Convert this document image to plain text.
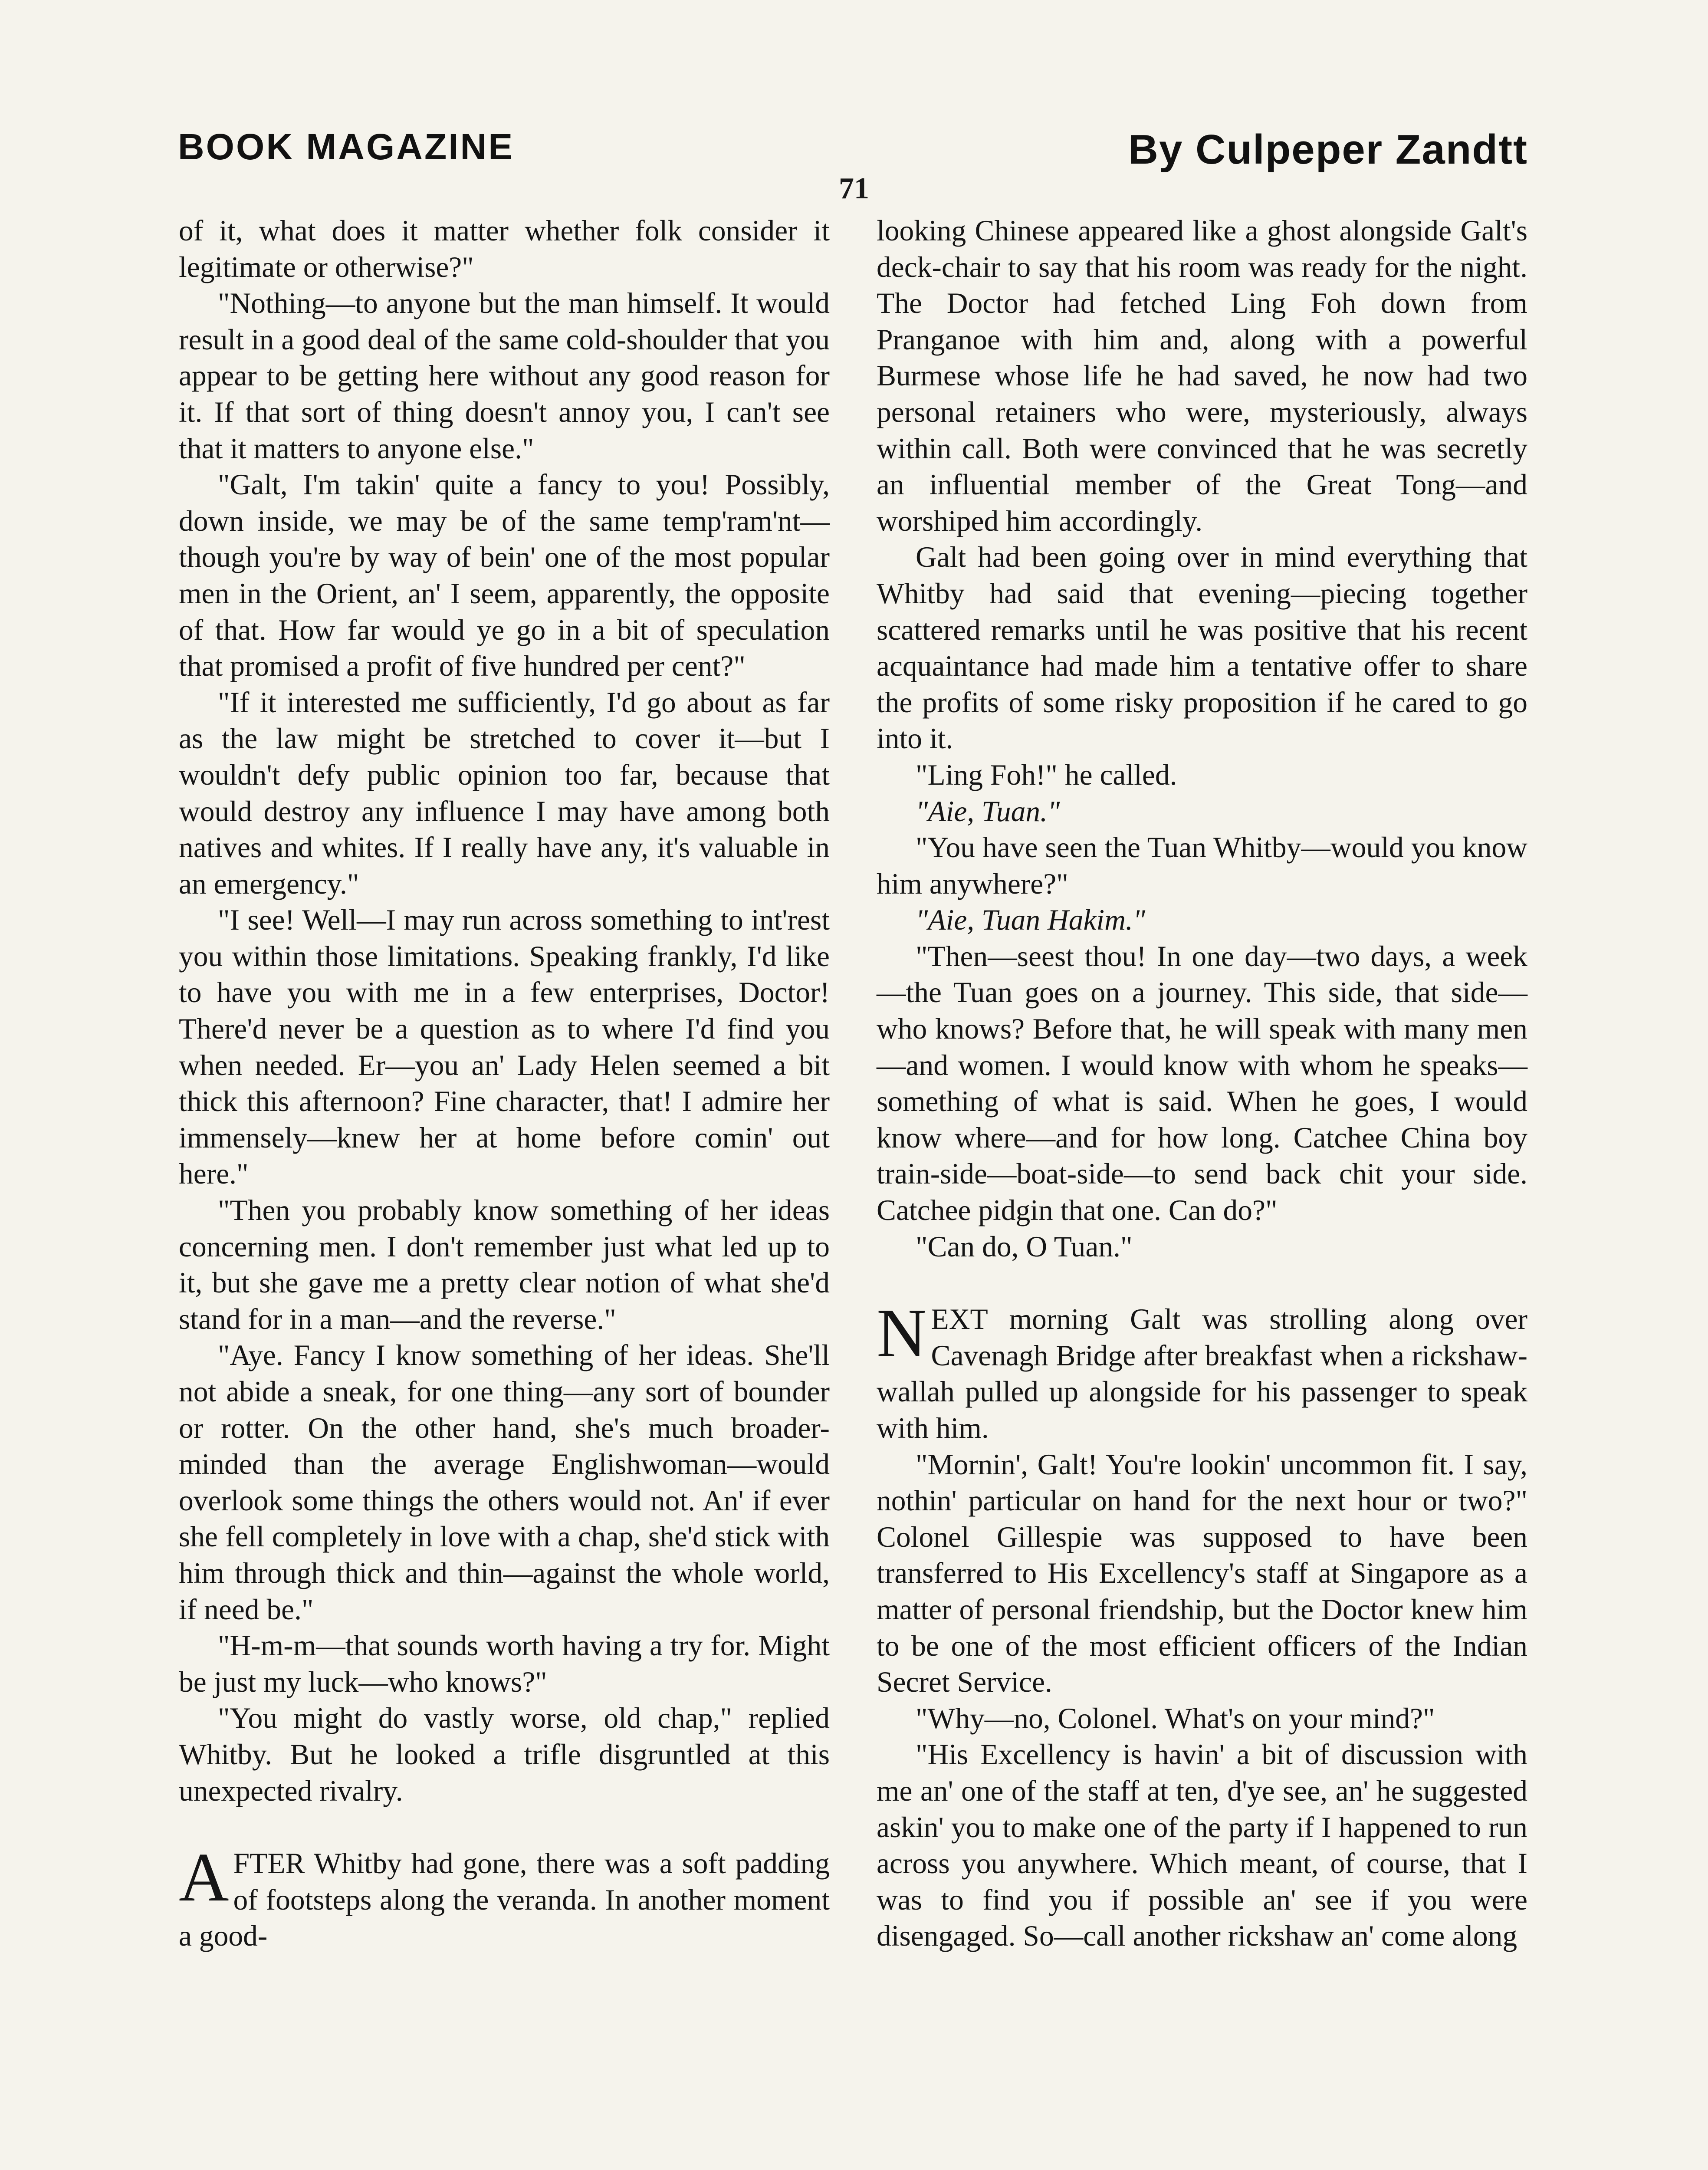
BOOK MAGAZINE	By Culpeper Zandtt
71

of it, what does it matter whether folk consider it legitimate or otherwise?"

"Nothing—to anyone but the man himself. It would result in a good deal of the same cold-shoulder that you appear to be getting here without any good reason for it. If that sort of thing doesn't annoy you, I can't see that it matters to anyone else."

"Galt, I'm takin' quite a fancy to you! Possibly, down inside, we may be of the same temp'ram'nt—though you're by way of bein' one of the most popular men in the Orient, an' I seem, apparently, the opposite of that. How far would ye go in a bit of speculation that promised a profit of five hundred per cent?"

"If it interested me sufficiently, I'd go about as far as the law might be stretched to cover it—but I wouldn't defy public opinion too far, because that would destroy any influence I may have among both natives and whites. If I really have any, it's valuable in an emergency."

"I see! Well—I may run across something to int'rest you within those limitations. Speaking frankly, I'd like to have you with me in a few enterprises, Doctor! There'd never be a question as to where I'd find you when needed. Er—you an' Lady Helen seemed a bit thick this afternoon? Fine character, that! I admire her immensely—knew her at home before comin' out here."

"Then you probably know something of her ideas concerning men. I don't remember just what led up to it, but she gave me a pretty clear notion of what she'd stand for in a man—and the reverse."

"Aye. Fancy I know something of her ideas. She'll not abide a sneak, for one thing—any sort of bounder or rotter. On the other hand, she's much broader-minded than the average Englishwoman—would overlook some things the others would not. An' if ever she fell completely in love with a chap, she'd stick with him through thick and thin—against the whole world, if need be."

"H-m-m—that sounds worth having a try for. Might be just my luck—who knows?"

"You might do vastly worse, old chap," replied Whitby. But he looked a trifle disgruntled at this unexpected rivalry.

AFTER Whitby had gone, there was a soft padding of footsteps along the veranda. In another moment a good-

looking Chinese appeared like a ghost alongside Galt's deck-chair to say that his room was ready for the night. The Doctor had fetched Ling Foh down from Pranganoe with him and, along with a powerful Burmese whose life he had saved, he now had two personal retainers who were, mysteriously, always within call. Both were convinced that he was secretly an influential member of the Great Tong—and worshiped him accordingly.

Galt had been going over in mind everything that Whitby had said that evening—piecing together scattered remarks until he was positive that his recent acquaintance had made him a tentative offer to share the profits of some risky proposition if he cared to go into it.

"Ling Foh!" he called.

"Aie, Tuan."

"You have seen the Tuan Whitby—would you know him anywhere?"

"Aie, Tuan Hakim."

"Then—seest thou! In one day—two days, a week—the Tuan goes on a journey. This side, that side—who knows? Before that, he will speak with many men—and women. I would know with whom he speaks—something of what is said. When he goes, I would know where—and for how long. Catchee China boy train-side—boat-side—to send back chit your side. Catchee pidgin that one. Can do?"

"Can do, O Tuan."

NEXT morning Galt was strolling along over Cavenagh Bridge after breakfast when a rickshaw-wallah pulled up alongside for his passenger to speak with him.

"Mornin', Galt! You're lookin' uncommon fit. I say, nothin' particular on hand for the next hour or two?" Colonel Gillespie was supposed to have been transferred to His Excellency's staff at Singapore as a matter of personal friendship, but the Doctor knew him to be one of the most efficient officers of the Indian Secret Service.

"Why—no, Colonel. What's on your mind?"

"His Excellency is havin' a bit of discussion with me an' one of the staff at ten, d'ye see, an' he suggested askin' you to make one of the party if I happened to run across you anywhere. Which meant, of course, that I was to find you if possible an' see if you were disengaged. So—call another rickshaw an' come along
